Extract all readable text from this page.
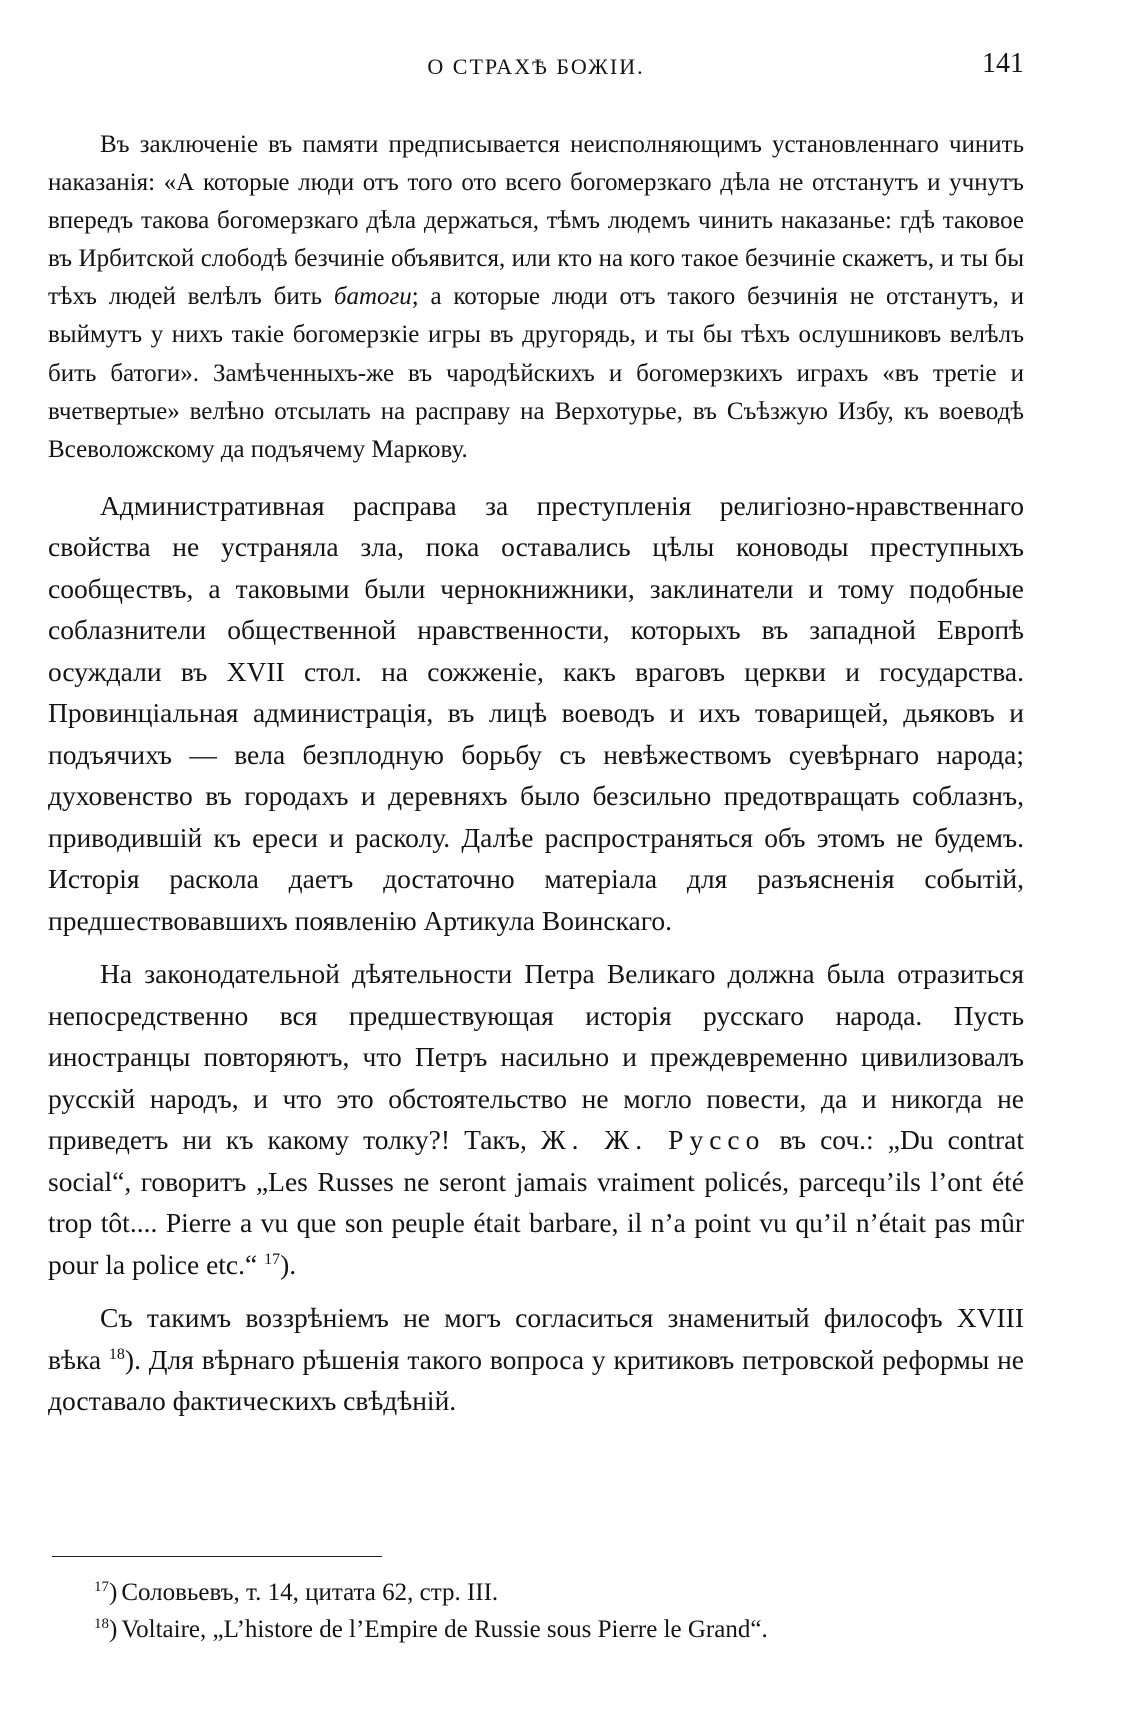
О СТРАХѢ БОЖІИ.	141

Въ заключеніе въ памяти предписывается неисполняющимъ установленнаго чинить наказанія: «А которые люди отъ того ото всего богомерзкаго дѣла не отстанутъ и учнутъ впередъ такова богомерзкаго дѣла держаться, тѣмъ людемъ чинить наказанье: гдѣ таковое въ Ирбитской слободѣ безчиніе объявится, или кто на кого такое безчиніе скажетъ, и ты бы тѣхъ людей велѣлъ бить батоги; а которые люди отъ такого безчинія не отстанутъ, и выймутъ у нихъ такіе богомерзкіе игры въ другорядь, и ты бы тѣхъ ослушниковъ велѣлъ бить батоги». Замѣченныхъ-же въ чародѣйскихъ и богомерзкихъ играхъ «въ третіе и вчетвертые» велѣно отсылать на расправу на Верхотурье, въ Съѣзжую Избу, къ воеводѣ Всеволожскому да подъячему Маркову.

Административная расправа за преступленія религіозно-нравственнаго свойства не устраняла зла, пока оставались цѣлы коноводы преступныхъ сообществъ, а таковыми были чернокнижники, заклинатели и тому подобные соблазнители общественной нравственности, которыхъ въ западной Европѣ осуждали въ XVII стол. на сожженіе, какъ враговъ церкви и государства. Провинціальная администрація, въ лицѣ воеводъ и ихъ товарищей, дьяковъ и подъячихъ — вела безплодную борьбу съ невѣжествомъ суевѣрнаго народа; духовенство въ городахъ и деревняхъ было безсильно предотвращать соблазнъ, приводившій къ ереси и расколу. Далѣе распространяться объ этомъ не будемъ. Исторія раскола даетъ достаточно матеріала для разъясненія событій, предшествовавшихъ появленію Артикула Воинскаго.

На законодательной дѣятельности Петра Великаго должна была отразиться непосредственно вся предшествующая исторія русскаго народа. Пусть иностранцы повторяютъ, что Петръ насильно и преждевременно цивилизовалъ русскій народъ, и что это обстоятельство не могло повести, да и никогда не приведетъ ни къ какому толку?! Такъ, Ж. Ж. Руссо въ соч.: „Du contrat social“, говоритъ „Les Russes ne seront jamais vraiment policés, parcequ’ils l’ont été trop tôt.... Pierre a vu que son peuple était barbare, il n’a point vu qu’il n’était pas mûr pour la police etc.“ $^{17}$).

Съ такимъ воззрѣніемъ не могъ согласиться знаменитый философъ XVIII вѣка $^{18}$). Для вѣрнаго рѣшенія такого вопроса у критиковъ петровской реформы не доставало фактическихъ свѣдѣній.

$^{17}$) Соловьевъ, т. 14, цитата 62, стр. III.

$^{18}$) Voltaire, „L’histore de l’Empire de Russie sous Pierre le Grand“.
